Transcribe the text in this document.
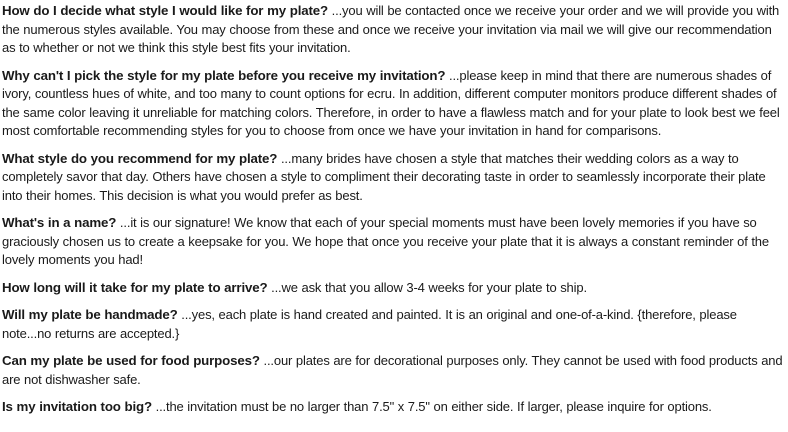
How do I decide what style I would like for my plate? ...you will be contacted once we receive your order and we will provide you with the numerous styles available. You may choose from these and once we receive your invitation via mail we will give our recommendation as to whether or not we think this style best fits your invitation.

Why can't I pick the style for my plate before you receive my invitation? ...please keep in mind that there are numerous shades of ivory, countless hues of white, and too many to count options for ecru. In addition, different computer monitors produce different shades of the same color leaving it unreliable for matching colors. Therefore, in order to have a flawless match and for your plate to look best we feel most comfortable recommending styles for you to choose from once we have your invitation in hand for comparisons.

What style do you recommend for my plate? ...many brides have chosen a style that matches their wedding colors as a way to completely savor that day. Others have chosen a style to compliment their decorating taste in order to seamlessly incorporate their plate into their homes. This decision is what you would prefer as best.

What's in a name? ...it is our signature! We know that each of your special moments must have been lovely memories if you have so graciously chosen us to create a keepsake for you. We hope that once you receive your plate that it is always a constant reminder of the lovely moments you had!

How long will it take for my plate to arrive? ...we ask that you allow 3-4 weeks for your plate to ship.

Will my plate be handmade? ...yes, each plate is hand created and painted. It is an original and one-of-a-kind. {therefore, please note...no returns are accepted.}

Can my plate be used for food purposes? ...our plates are for decorational purposes only. They cannot be used with food products and are not dishwasher safe.

Is my invitation too big? ...the invitation must be no larger than 7.5" x 7.5" on either side. If larger, please inquire for options.
